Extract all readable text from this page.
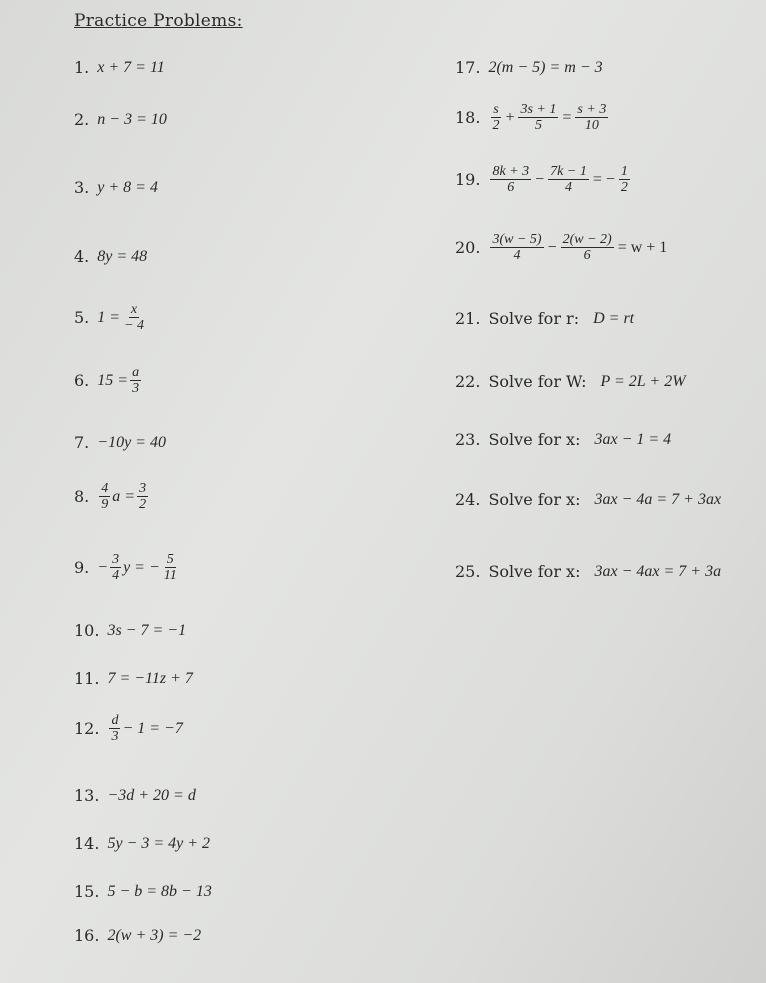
Practice Problems:
1. x + 7 = 11
2. n − 3 = 10
3. y + 8 = 4
4. 8y = 48
5. $1 = \frac{x}{- 4}$
6. $15 = \frac{a}{3}$
7. −10y = 40
8. $\frac{4}{9}$ $a = \frac{3}{2}$
9. − $\frac{3}{4}$ y = − $\frac{5}{11}$
10. 3s − 7 = −1
11. 7 = −11z + 7
12. $\frac{d}{3} - 1 = -7$
13. −3d + 20 = d
14. 5y − 3 = 4y + 2
15. 5 − b = 8b − 13
16. 2(w + 3) = −2
17. 2(m − 5) = m − 3
18. $\frac{s}{2} + \frac{3s + 1}{5} = \frac{s + 3}{10}$
19. $\frac{8k + 3}{6} - \frac{7k - 1}{4}$ = − $\frac{1}{2}$
20. $\frac{3(w - 5)}{4} - \frac{2(w - 2)}{6} = w + 1$
21. Solve for r: D = rt
22. Solve for W: P = 2L + 2W
23. Solve for x: 3ax − 1 = 4
24. Solve for x: 3ax − 4a = 7 + 3ax
25. Solve for x: 3ax − 4ax = 7 + 3a
